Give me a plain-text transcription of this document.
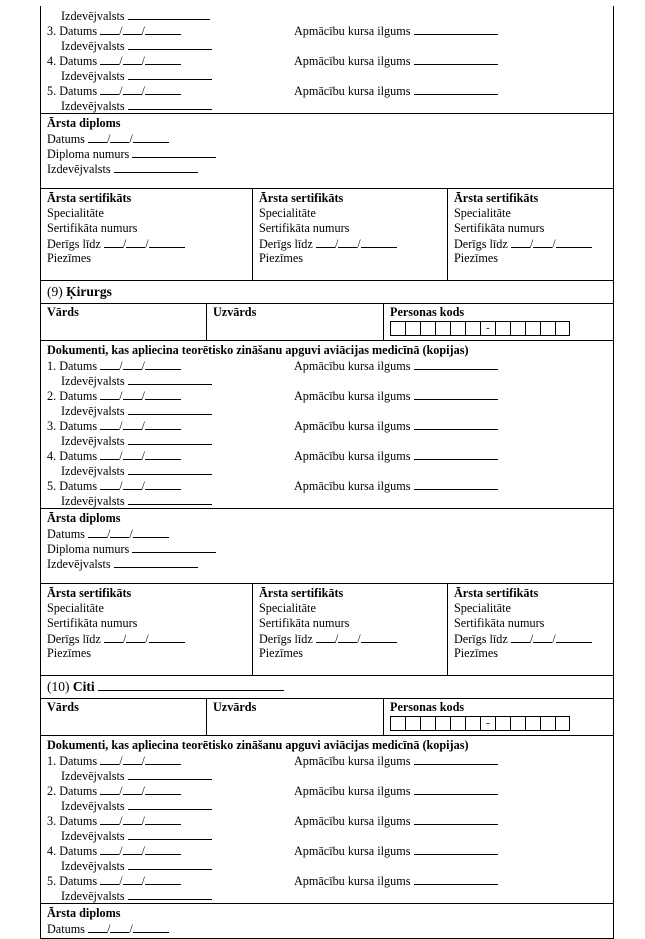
Izdevējvalsts
3. Datums / /	Apmācību kursa ilgums
Izdevējvalsts
4. Datums / /	Apmācību kursa ilgums
Izdevējvalsts
5. Datums / /	Apmācību kursa ilgums
Izdevējvalsts
Ārsta diploms
Datums / /
Diploma numurs
Izdevējvalsts
Ārsta sertifikāts
Specialitāte
Sertifikāta numurs
Derīgs līdz / /
Piezīmes
Ārsta sertifikāts
Specialitāte
Sertifikāta numurs
Derīgs līdz / /
Piezīmes
Ārsta sertifikāts
Specialitāte
Sertifikāta numurs
Derīgs līdz / /
Piezīmes
(9) Ķirurgs
Vārds	Uzvārds	Personas kods
-
Dokumenti, kas apliecina teorētisko zināšanu apguvi aviācijas medicīnā (kopijas)
1. Datums / /	Apmācību kursa ilgums
Izdevējvalsts
2. Datums / /	Apmācību kursa ilgums
Izdevējvalsts
3. Datums / /	Apmācību kursa ilgums
Izdevējvalsts
4. Datums / /	Apmācību kursa ilgums
Izdevējvalsts
5. Datums / /	Apmācību kursa ilgums
Izdevējvalsts
Ārsta diploms
Datums / /
Diploma numurs
Izdevējvalsts
Ārsta sertifikāts
Specialitāte
Sertifikāta numurs
Derīgs līdz / /
Piezīmes
Ārsta sertifikāts
Specialitāte
Sertifikāta numurs
Derīgs līdz / /
Piezīmes
Ārsta sertifikāts
Specialitāte
Sertifikāta numurs
Derīgs līdz / /
Piezīmes
(10) Citi
Vārds	Uzvārds	Personas kods
-
Dokumenti, kas apliecina teorētisko zināšanu apguvi aviācijas medicīnā (kopijas)
1. Datums / /	Apmācību kursa ilgums
Izdevējvalsts
2. Datums / /	Apmācību kursa ilgums
Izdevējvalsts
3. Datums / /	Apmācību kursa ilgums
Izdevējvalsts
4. Datums / /	Apmācību kursa ilgums
Izdevējvalsts
5. Datums / /	Apmācību kursa ilgums
Izdevējvalsts
Ārsta diploms
Datums / /
